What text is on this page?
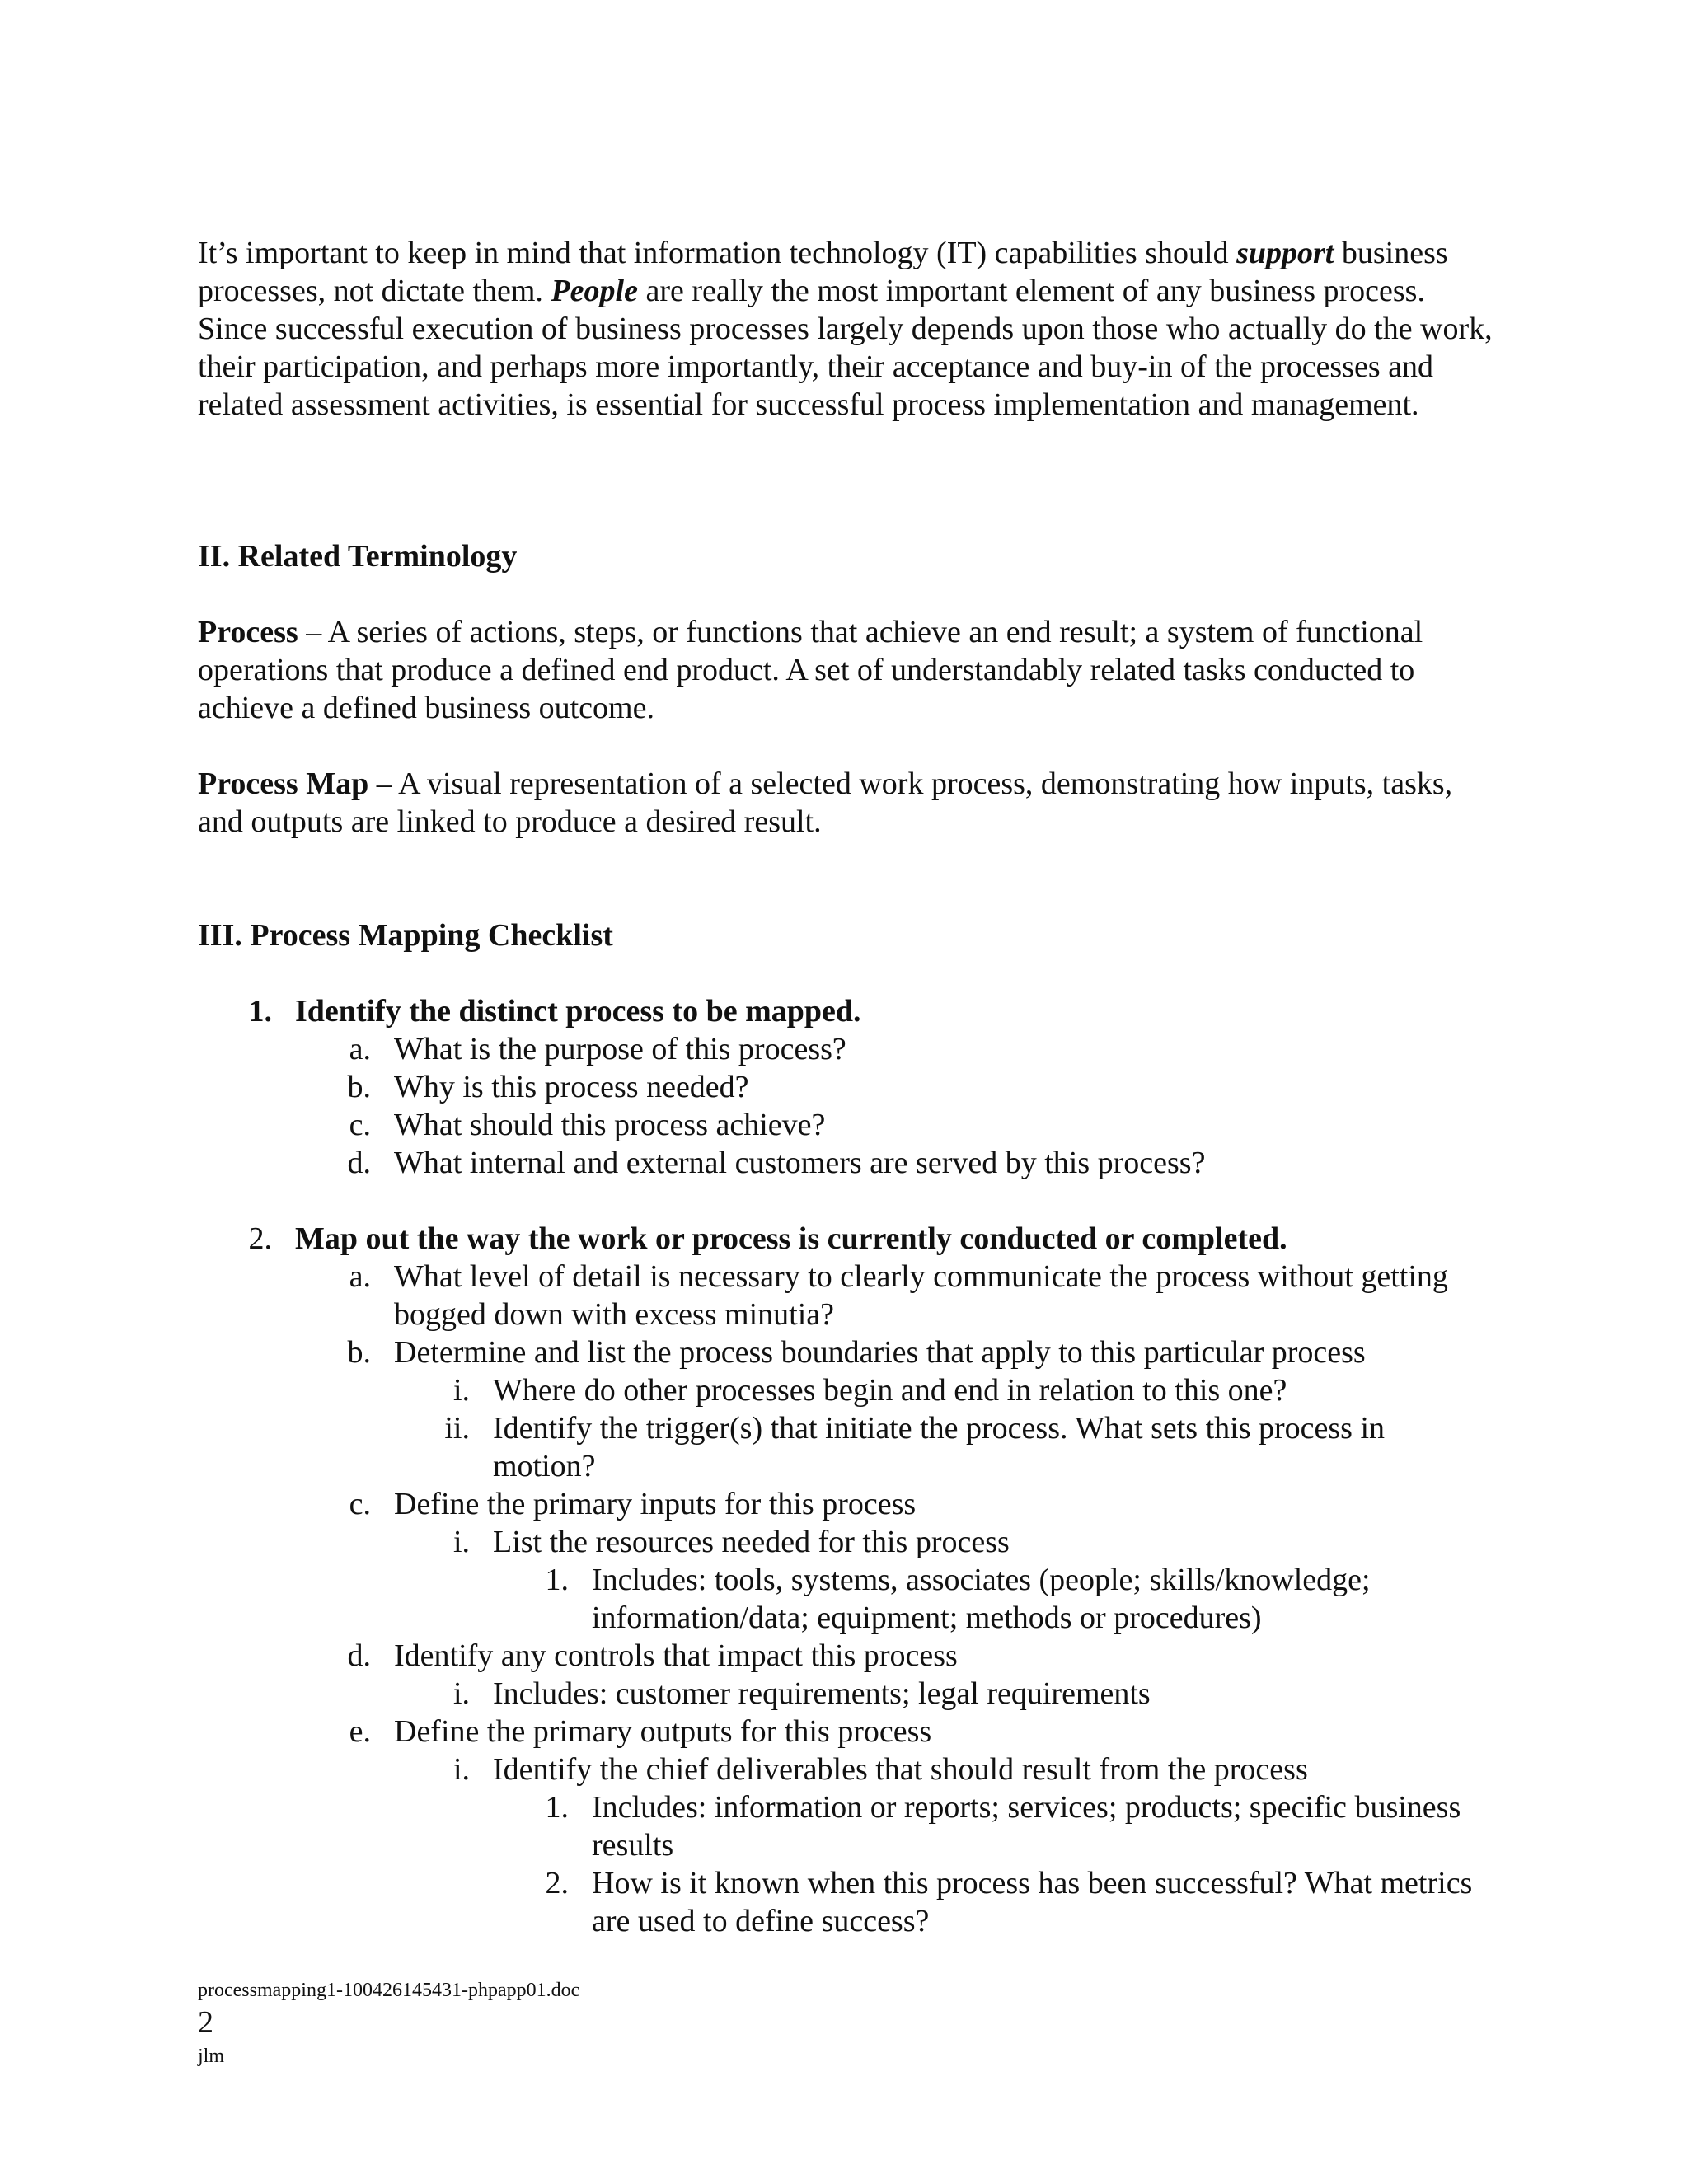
It’s important to keep in mind that information technology (IT) capabilities should support business processes, not dictate them. People are really the most important element of any business process. Since successful execution of business processes largely depends upon those who actually do the work, their participation, and perhaps more importantly, their acceptance and buy-in of the processes and related assessment activities, is essential for successful process implementation and management.

II. Related Terminology

Process – A series of actions, steps, or functions that achieve an end result; a system of functional operations that produce a defined end product. A set of understandably related tasks conducted to achieve a defined business outcome.

Process Map – A visual representation of a selected work process, demonstrating how inputs, tasks, and outputs are linked to produce a desired result.

III. Process Mapping Checklist

1. Identify the distinct process to be mapped.
a. What is the purpose of this process?
b. Why is this process needed?
c. What should this process achieve?
d. What internal and external customers are served by this process?
2. Map out the way the work or process is currently conducted or completed.
a. What level of detail is necessary to clearly communicate the process without getting bogged down with excess minutia?
b. Determine and list the process boundaries that apply to this particular process
i. Where do other processes begin and end in relation to this one?
ii. Identify the trigger(s) that initiate the process. What sets this process in motion?
c. Define the primary inputs for this process
i. List the resources needed for this process
1. Includes: tools, systems, associates (people; skills/knowledge; information/data; equipment; methods or procedures)
d. Identify any controls that impact this process
i. Includes: customer requirements; legal requirements
e. Define the primary outputs for this process
i. Identify the chief deliverables that should result from the process
1. Includes: information or reports; services; products; specific business results
2. How is it known when this process has been successful? What metrics are used to define success?
processmapping1-100426145431-phpapp01.doc
2
jlm
